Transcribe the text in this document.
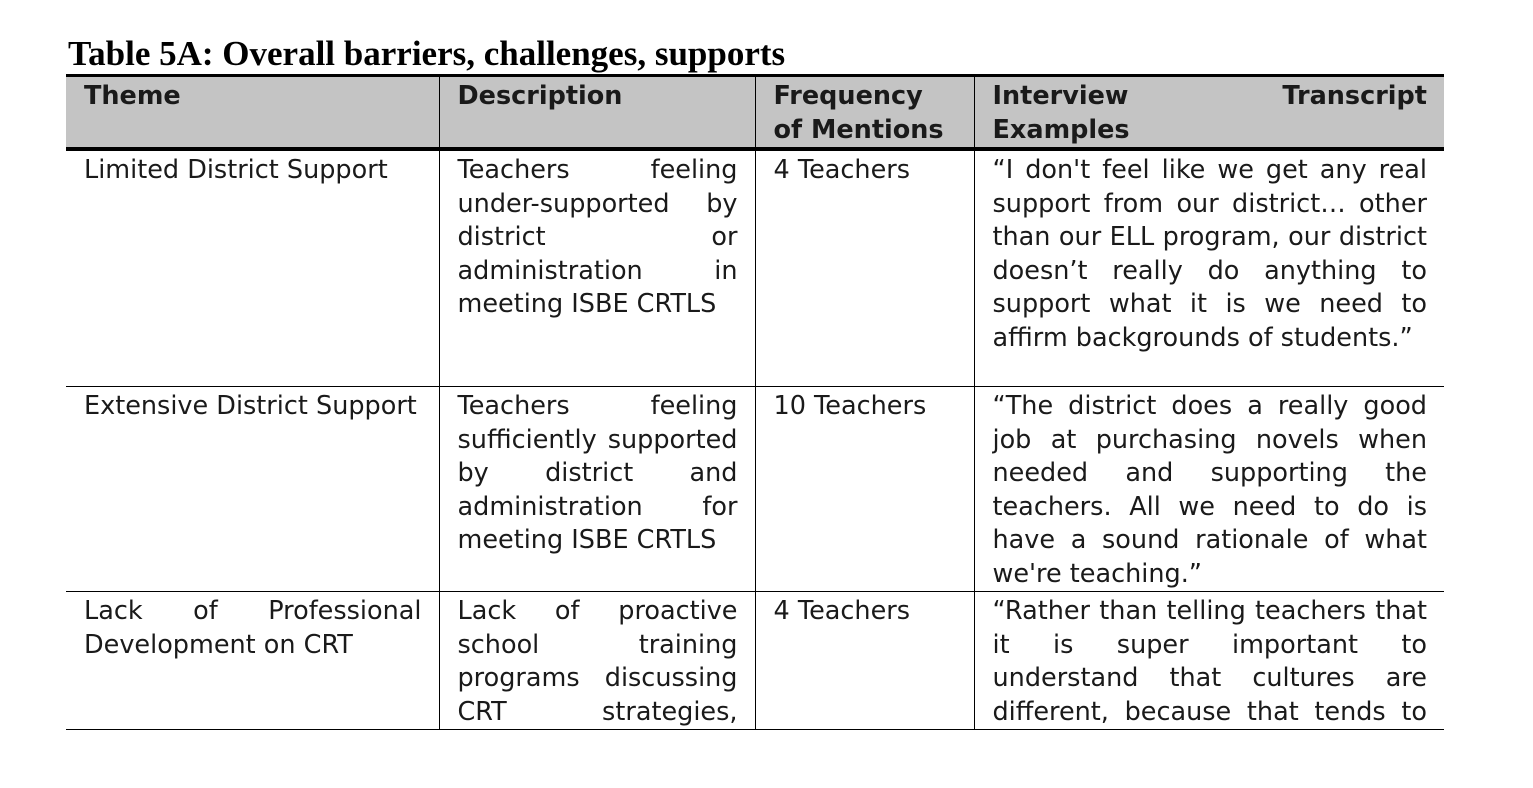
Table 5A: Overall barriers, challenges, supports
Theme	Description	Frequency of Mentions	Interview Transcript Examples
Limited District Support	Teachers feeling under-supported by district or administration in meeting ISBE CRTLS	4 Teachers	“I don't feel like we get any real support from our district… other than our ELL program, our district doesn’t really do anything to support what it is we need to affirm backgrounds of students.”
Extensive District Support	Teachers feeling sufficiently supported by district and administration for meeting ISBE CRTLS	10 Teachers	“The district does a really good job at purchasing novels when needed and supporting the teachers. All we need to do is have a sound rationale of what we're teaching.”
Lack of Professional Development on CRT	Lack of proactive school training programs discussing CRT strategies,	4 Teachers	“Rather than telling teachers that it is super important to understand that cultures are different, because that tends to
